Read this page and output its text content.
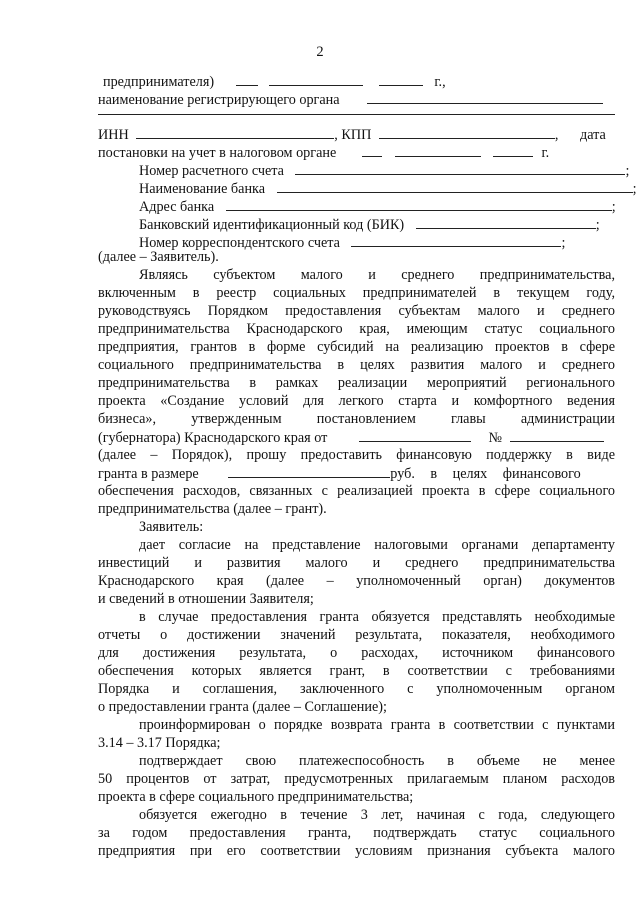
2
предпринимателя)	г.,
наименование регистрирующего органа
ИНН	, КПП	, дата
постановки на учет в налоговом органе	г.
Номер расчетного счета	;
Наименование банка	;
Адрес банка	;
Банковский идентификационный код (БИК)	;
Номер корреспондентского счета	;
(далее – Заявитель).
Являясь субъектом малого и среднего предпринимательства,
включенным в реестр социальных предпринимателей в текущем году,
руководствуясь Порядком предоставления субъектам малого и среднего
предпринимательства Краснодарского края, имеющим статус социального
предприятия, грантов в форме субсидий на реализацию проектов в сфере
социального предпринимательства в целях развития малого и среднего
предпринимательства в рамках реализации мероприятий регионального
проекта «Создание условий для легкого старта и комфортного ведения
бизнеса», утвержденным постановлением главы администрации
(губернатора) Краснодарского края от	№
(далее – Порядок), прошу предоставить финансовую поддержку в виде
гранта в размере	руб. в целях финансового
обеспечения расходов, связанных с реализацией проекта в сфере социального
предпринимательства (далее – грант).
Заявитель:
дает согласие на представление налоговыми органами департаменту
инвестиций и развития малого и среднего предпринимательства
Краснодарского края (далее – уполномоченный орган) документов
и сведений в отношении Заявителя;
в случае предоставления гранта обязуется представлять необходимые
отчеты о достижении значений результата, показателя, необходимого
для достижения результата, о расходах, источником финансового
обеспечения которых является грант, в соответствии с требованиями
Порядка и соглашения, заключенного с уполномоченным органом
о предоставлении гранта (далее – Соглашение);
проинформирован о порядке возврата гранта в соответствии с пунктами
3.14 – 3.17 Порядка;
подтверждает свою платежеспособность в объеме не менее
50 процентов от затрат, предусмотренных прилагаемым планом расходов
проекта в сфере социального предпринимательства;
обязуется ежегодно в течение 3 лет, начиная с года, следующего
за годом предоставления гранта, подтверждать статус социального
предприятия при его соответствии условиям признания субъекта малого
